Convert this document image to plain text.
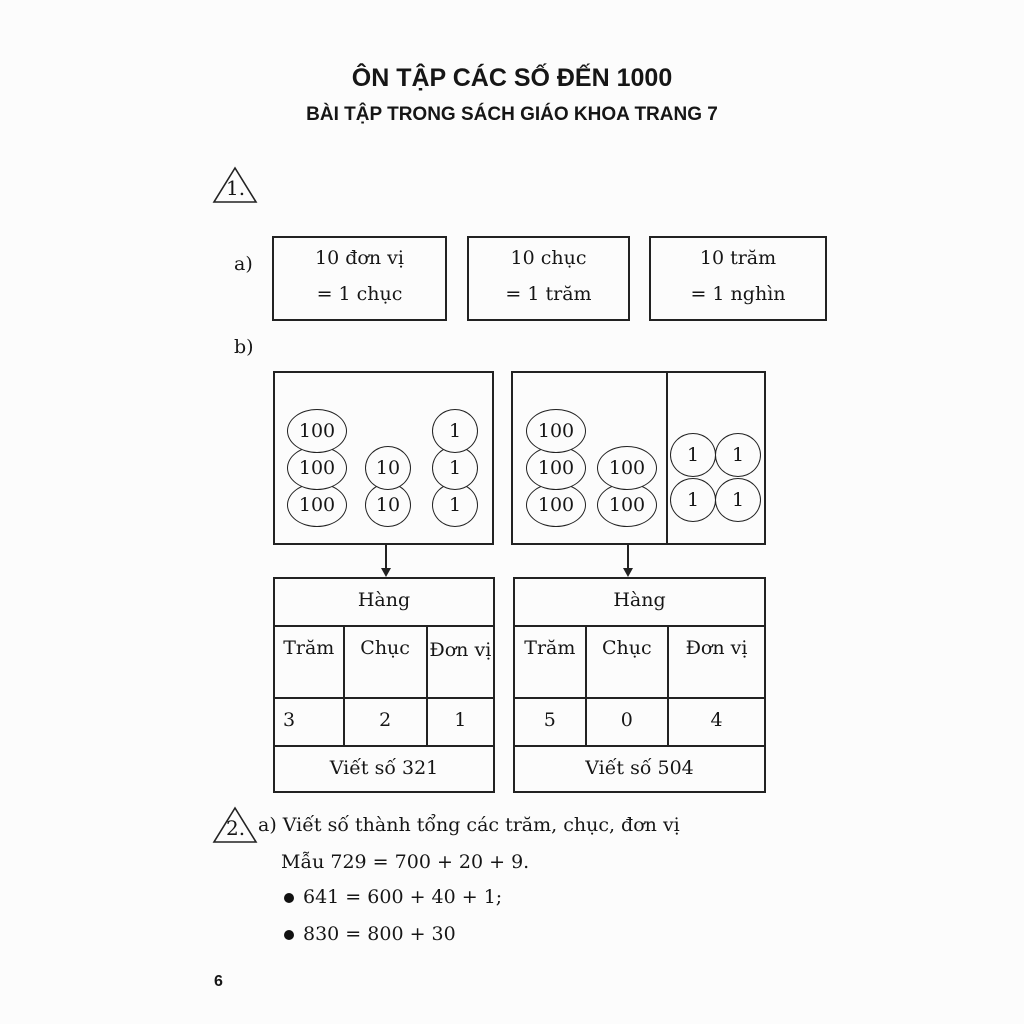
ÔN TẬP CÁC SỐ ĐẾN 1000
BÀI TẬP TRONG SÁCH GIÁO KHOA TRANG 7
1.
a)	10 đơn vị
= 1 chục
10 chục
= 1 trăm
10 trăm
= 1 nghìn
b)
100
100
100
10
10
1
1
1
100
100
100
100
100
1	1
1	1
Hàng		
Trăm	Chục	Đơn vị
3	2	1
Viết số 321		
Hàng		
Trăm	Chục	Đơn vị
5	0	4
Viết số 504		
2. a) Viết số thành tổng các trăm, chục, đơn vị
Mẫu 729 = 700 + 20 + 9.
641 = 600 + 40 + 1;
830 = 800 + 30
6
